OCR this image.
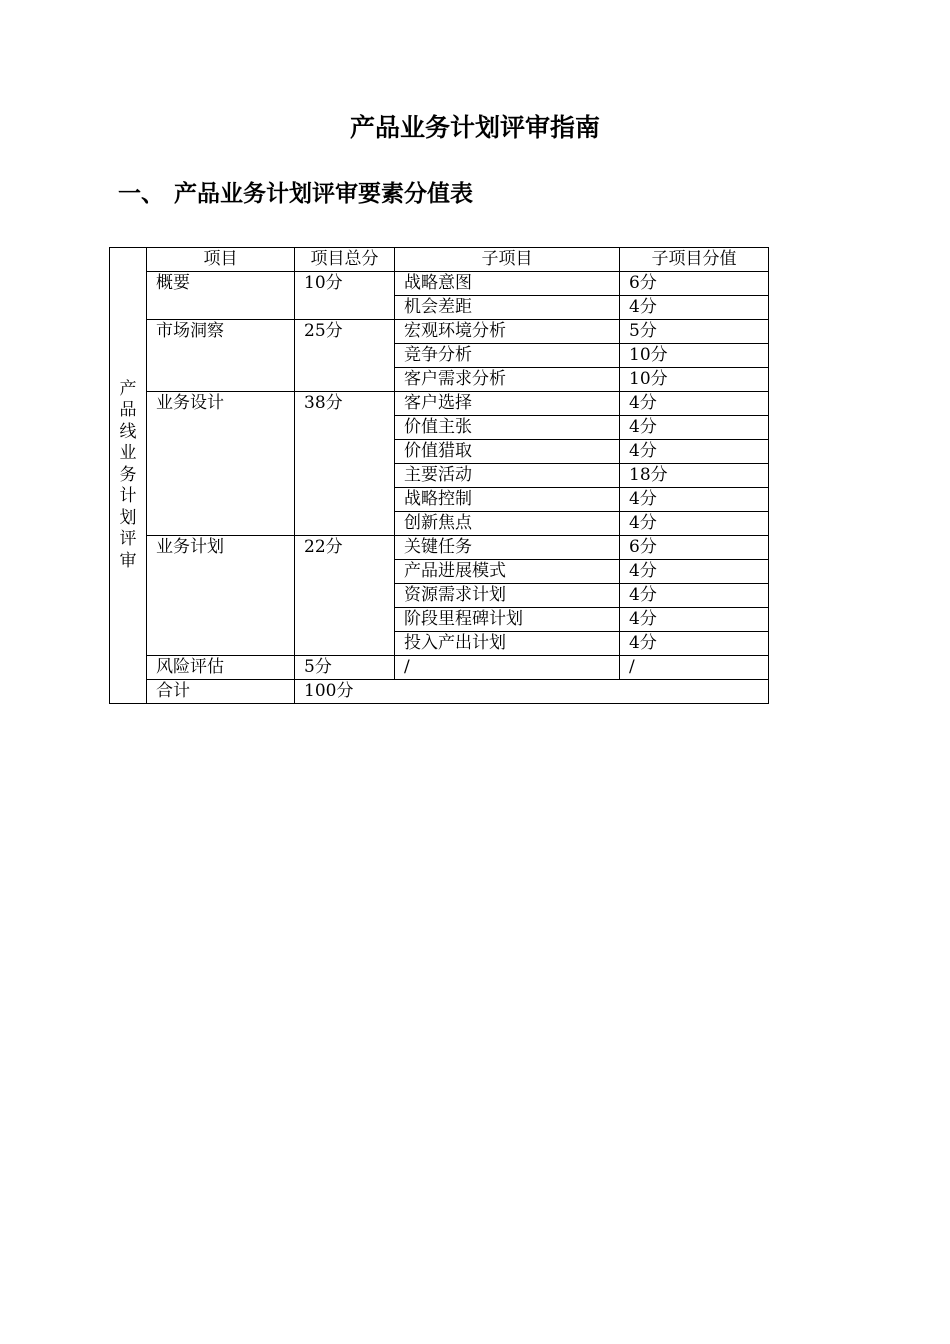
产品业务计划评审指南
一、 产品业务计划评审要素分值表
产品线业务计划评审	项目	项目总分	子项目	子项目分值
	概要	10分	战略意图	6分
			机会差距	4分
	市场洞察	25分	宏观环境分析	5分
			竞争分析	10分
			客户需求分析	10分
	业务设计	38分	客户选择	4分
			价值主张	4分
			价值猎取	4分
			主要活动	18分
			战略控制	4分
			创新焦点	4分
	业务计划	22分	关键任务	6分
			产品进展模式	4分
			资源需求计划	4分
			阶段里程碑计划	4分
			投入产出计划	4分
	风险评估	5分	/	/
	合计	100分		
